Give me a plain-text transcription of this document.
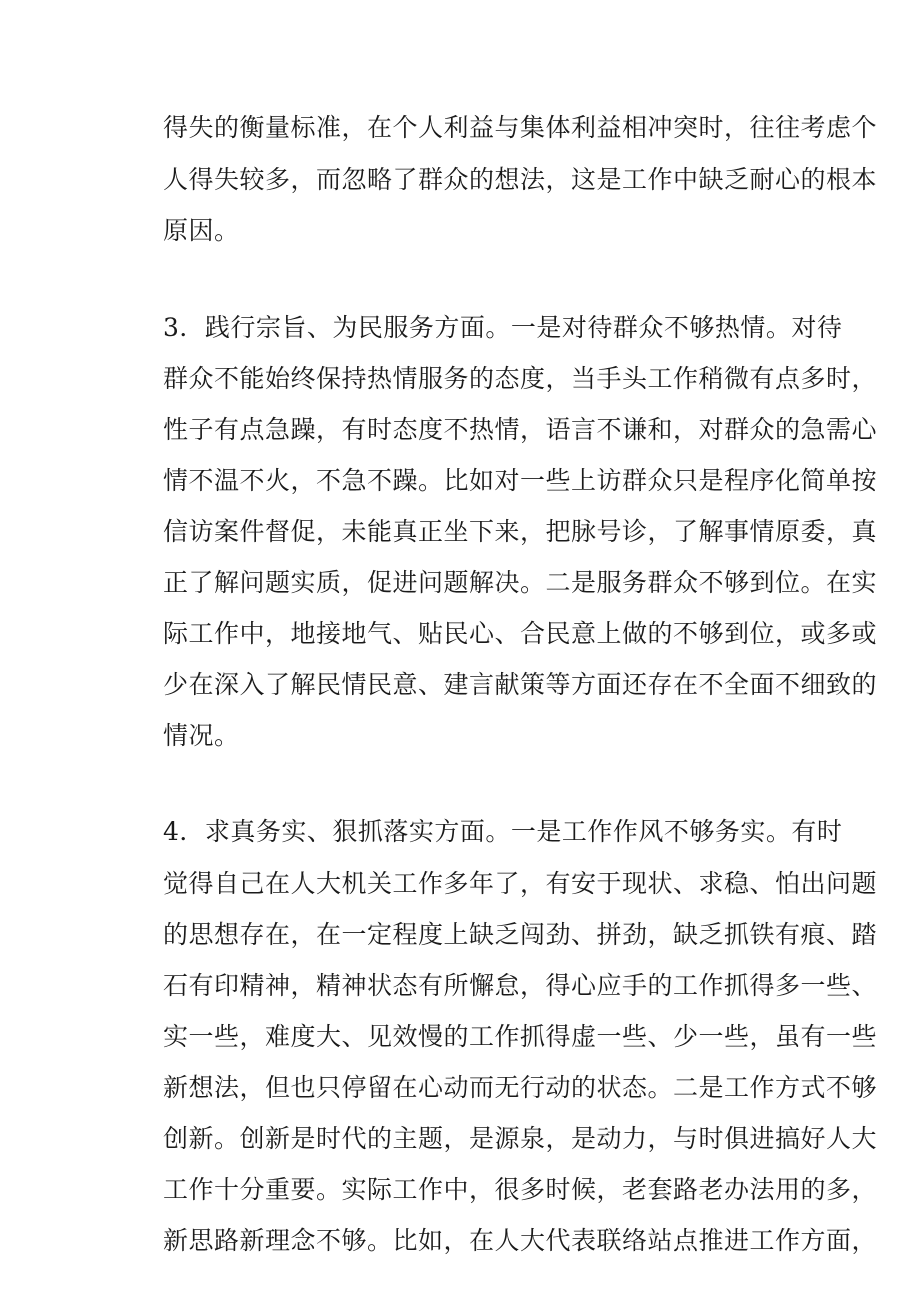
得失的衡量标准，在个人利益与集体利益相冲突时，往往考虑个
人得失较多，而忽略了群众的想法，这是工作中缺乏耐心的根本
原因。
3．践行宗旨、为民服务方面。一是对待群众不够热情。对待
群众不能始终保持热情服务的态度，当手头工作稍微有点多时，
性子有点急躁，有时态度不热情，语言不谦和，对群众的急需心
情不温不火，不急不躁。比如对一些上访群众只是程序化简单按
信访案件督促，未能真正坐下来，把脉号诊，了解事情原委，真
正了解问题实质，促进问题解决。二是服务群众不够到位。在实
际工作中，地接地气、贴民心、合民意上做的不够到位，或多或
少在深入了解民情民意、建言献策等方面还存在不全面不细致的
情况。
4．求真务实、狠抓落实方面。一是工作作风不够务实。有时
觉得自己在人大机关工作多年了，有安于现状、求稳、怕出问题
的思想存在，在一定程度上缺乏闯劲、拼劲，缺乏抓铁有痕、踏
石有印精神，精神状态有所懈怠，得心应手的工作抓得多一些、
实一些，难度大、见效慢的工作抓得虚一些、少一些，虽有一些
新想法，但也只停留在心动而无行动的状态。二是工作方式不够
创新。创新是时代的主题，是源泉，是动力，与时俱进搞好人大
工作十分重要。实际工作中，很多时候，老套路老办法用的多，
新思路新理念不够。比如，在人大代表联络站点推进工作方面，
